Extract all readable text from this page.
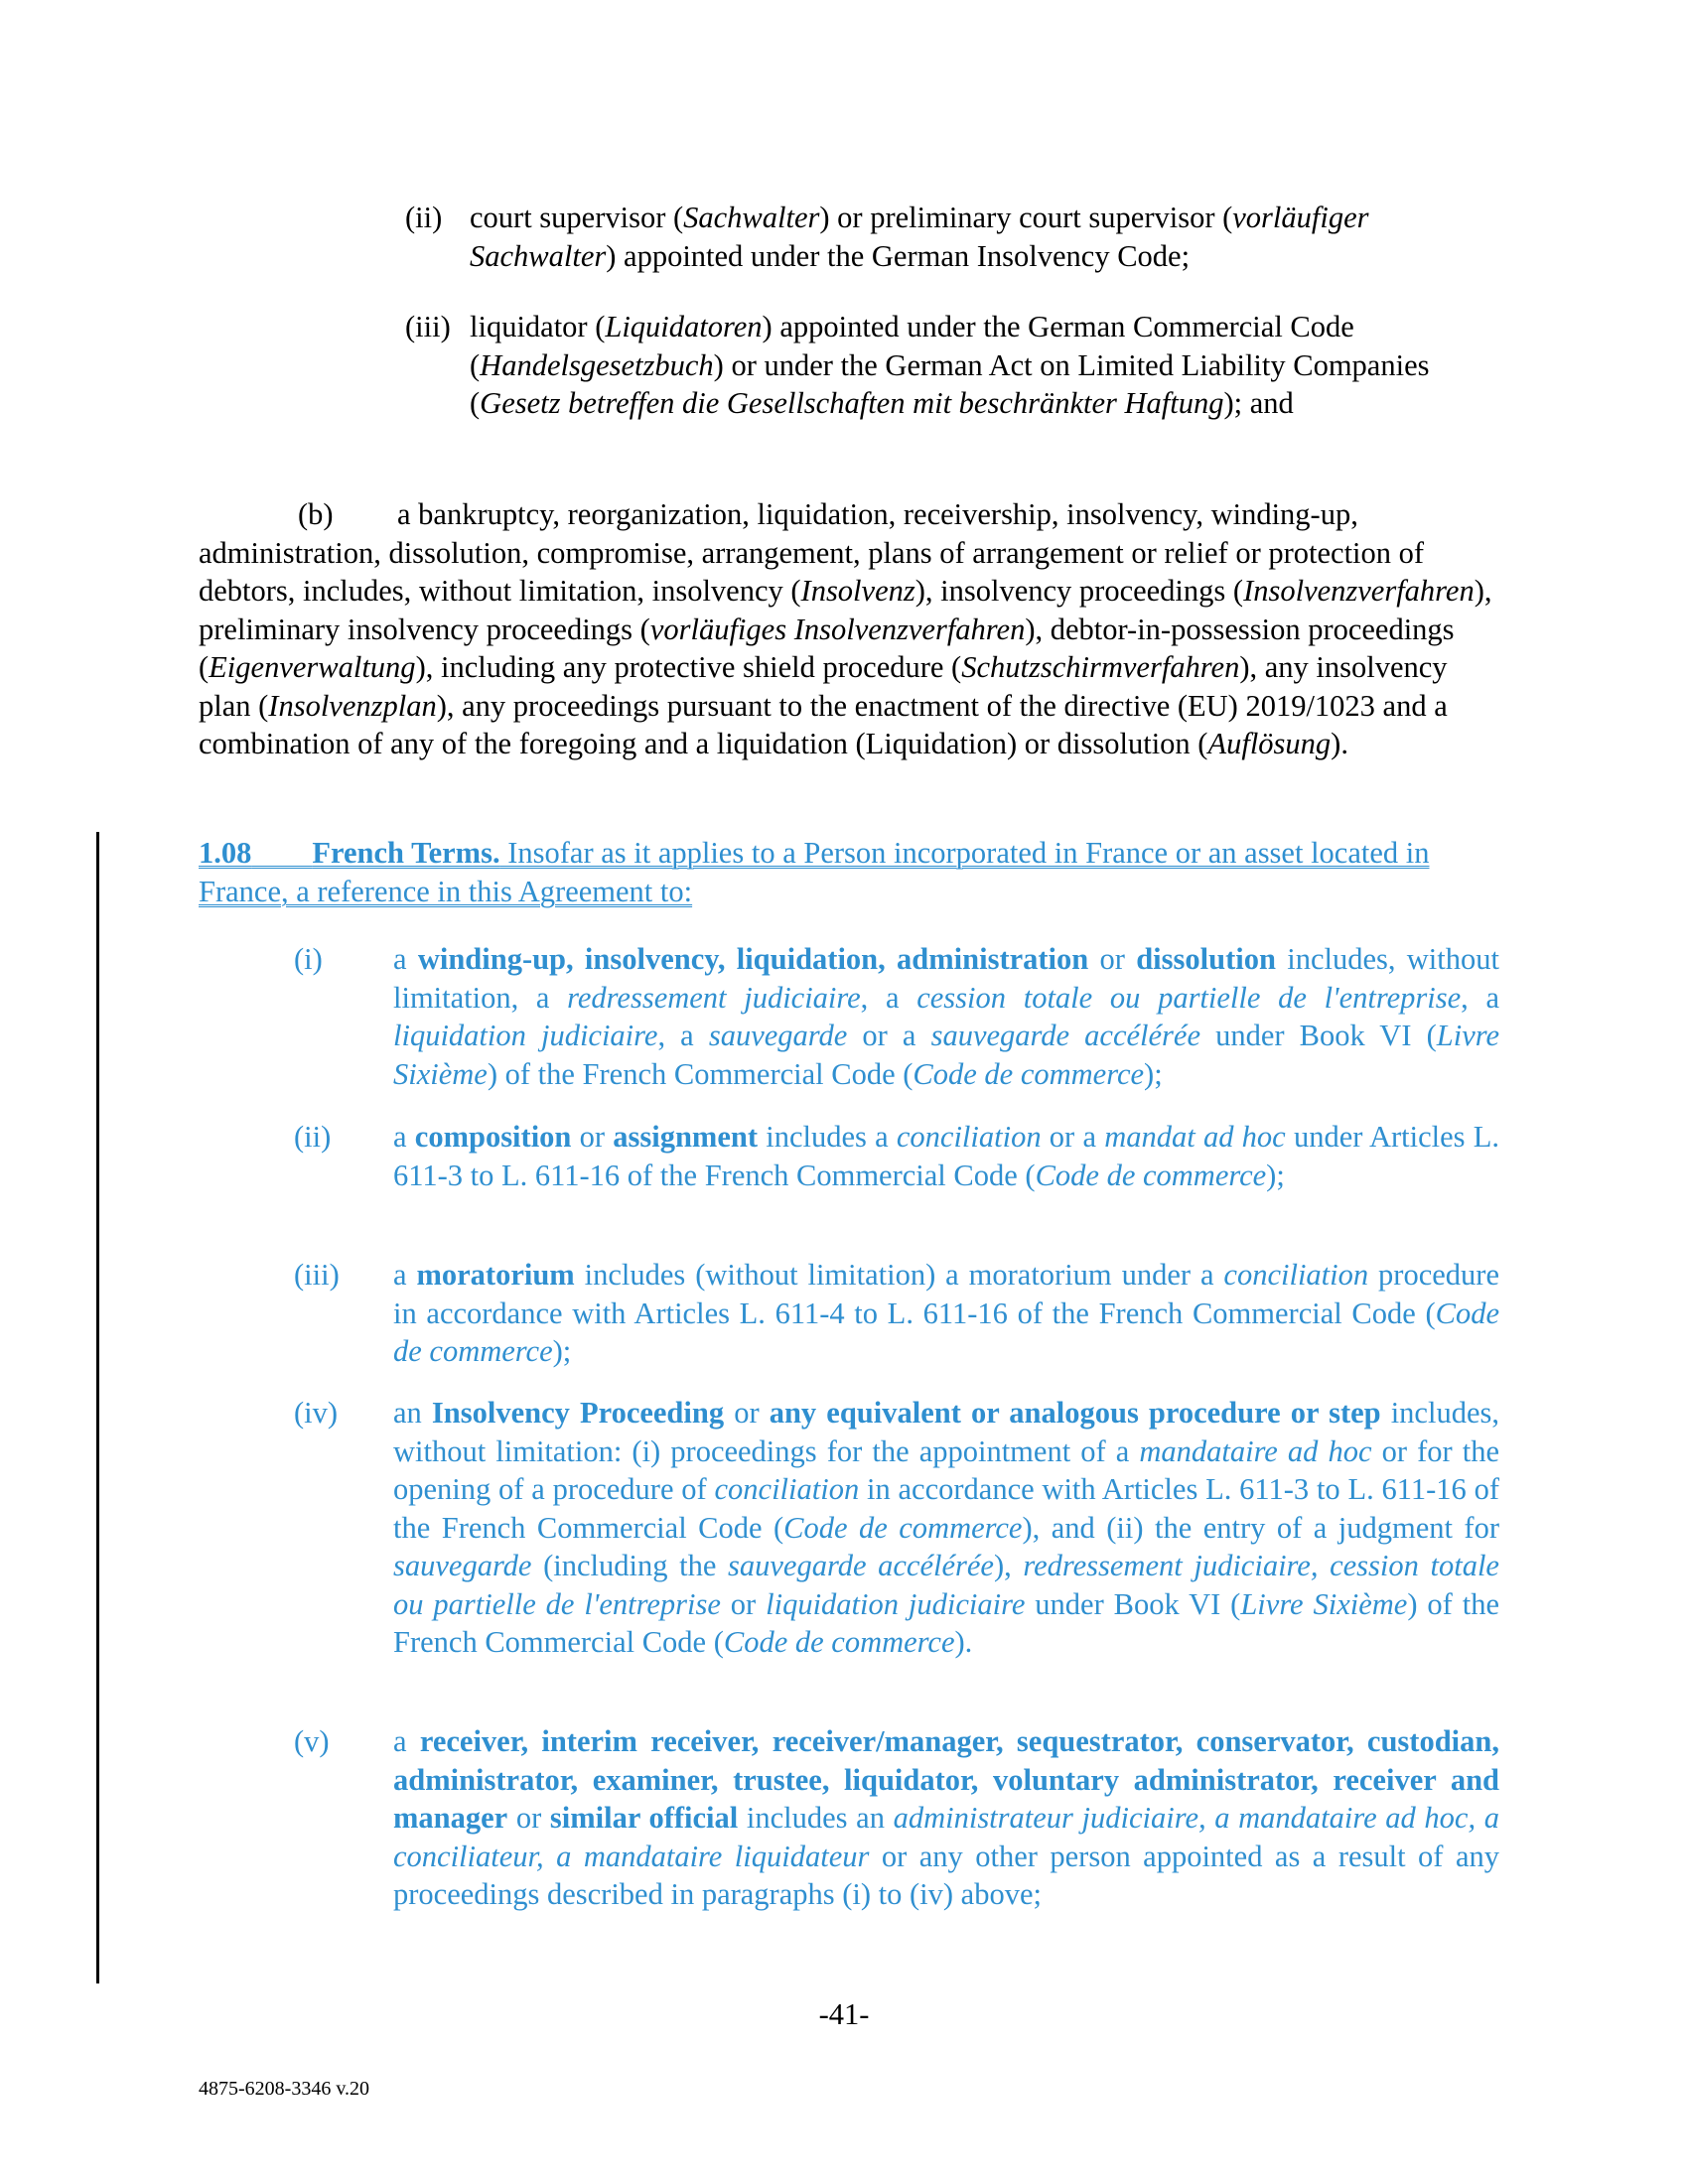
(ii) court supervisor (Sachwalter) or preliminary court supervisor (vorläufiger Sachwalter) appointed under the German Insolvency Code;
(iii) liquidator (Liquidatoren) appointed under the German Commercial Code (Handelsgesetzbuch) or under the German Act on Limited Liability Companies (Gesetz betreffen die Gesellschaften mit beschränkter Haftung); and
(b) a bankruptcy, reorganization, liquidation, receivership, insolvency, winding-up, administration, dissolution, compromise, arrangement, plans of arrangement or relief or protection of debtors, includes, without limitation, insolvency (Insolvenz), insolvency proceedings (Insolvenzverfahren), preliminary insolvency proceedings (vorläufiges Insolvenzverfahren), debtor-in-possession proceedings (Eigenverwaltung), including any protective shield procedure (Schutzschirmverfahren), any insolvency plan (Insolvenzplan), any proceedings pursuant to the enactment of the directive (EU) 2019/1023 and a combination of any of the foregoing and a liquidation (Liquidation) or dissolution (Auflösung).
1.08   French Terms. Insofar as it applies to a Person incorporated in France or an asset located in France, a reference in this Agreement to:
(i) a winding-up, insolvency, liquidation, administration or dissolution includes, without limitation, a redressement judiciaire, a cession totale ou partielle de l'entreprise, a liquidation judiciaire, a sauvegarde or a sauvegarde accélérée under Book VI (Livre Sixième) of the French Commercial Code (Code de commerce);
(ii) a composition or assignment includes a conciliation or a mandat ad hoc under Articles L. 611-3 to L. 611-16 of the French Commercial Code (Code de commerce);
(iii) a moratorium includes (without limitation) a moratorium under a conciliation procedure in accordance with Articles L. 611-4 to L. 611-16 of the French Commercial Code (Code de commerce);
(iv) an Insolvency Proceeding or any equivalent or analogous procedure or step includes, without limitation: (i) proceedings for the appointment of a mandataire ad hoc or for the opening of a procedure of conciliation in accordance with Articles L. 611-3 to L. 611-16 of the French Commercial Code (Code de commerce), and (ii) the entry of a judgment for sauvegarde (including the sauvegarde accélérée), redressement judiciaire, cession totale ou partielle de l'entreprise or liquidation judiciaire under Book VI (Livre Sixième) of the French Commercial Code (Code de commerce).
(v) a receiver, interim receiver, receiver/manager, sequestrator, conservator, custodian, administrator, examiner, trustee, liquidator, voluntary administrator, receiver and manager or similar official includes an administrateur judiciaire, a mandataire ad hoc, a conciliateur, a mandataire liquidateur or any other person appointed as a result of any proceedings described in paragraphs (i) to (iv) above;
-41-
4875-6208-3346 v.20
